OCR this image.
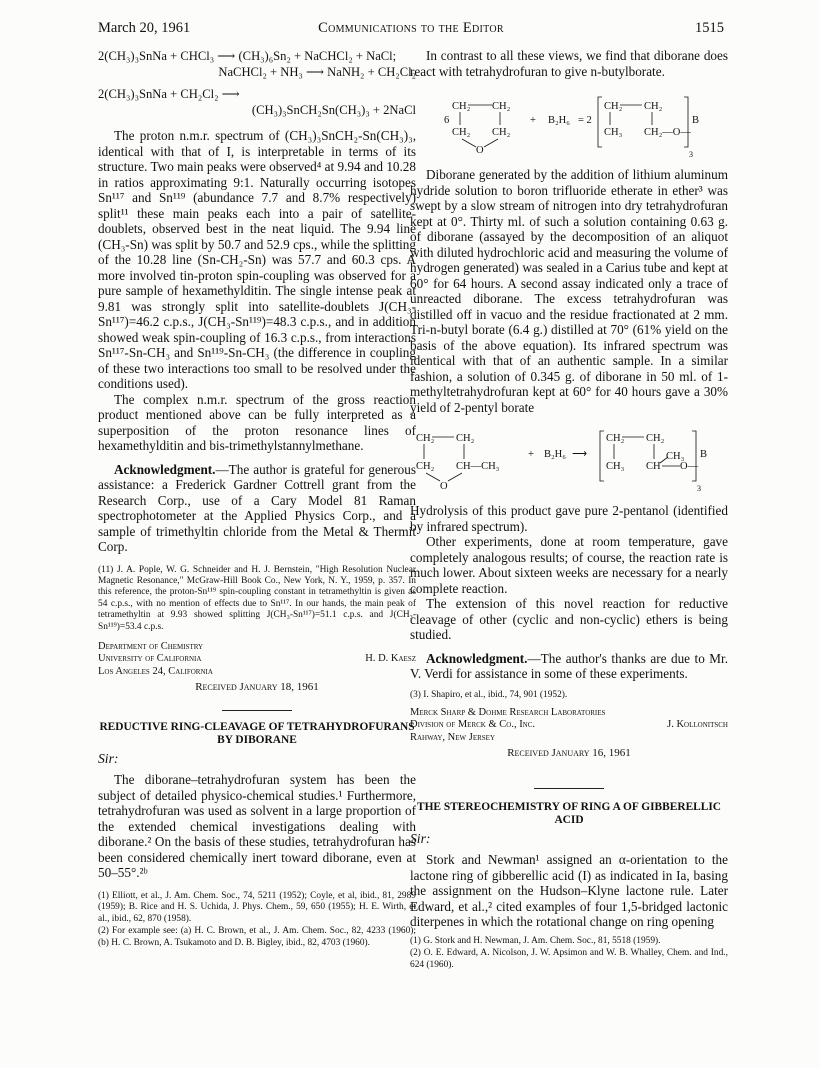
March 20, 1961	Communications to the Editor	1515
2(CH₃)₃SnNa + CHCl₃ ⟶ (CH₃)₆Sn₂ + NaCHCl₂ + NaCl;
NaCHCl₂ + NH₃ ⟶ NaNH₂ + CH₂Cl₂
2(CH₃)₃SnNa + CH₂Cl₂ ⟶
(CH₃)₃SnCH₂Sn(CH₃)₃ + 2NaCl

The proton n.m.r. spectrum of (CH₃)₃SnCH₂-Sn(CH₃)₃, identical with that of I, is interpretable in terms of its structure. Two main peaks were observed⁴ at 9.94 and 10.28 in ratios approximating 9:1. Naturally occurring isotopes Sn¹¹⁷ and Sn¹¹⁹ (abundance 7.7 and 8.7% respectively) split¹¹ these main peaks each into a pair of satellite-doublets, observed best in the neat liquid. The 9.94 line (CH₃-Sn) was split by 50.7 and 52.9 cps., while the splitting of the 10.28 line (Sn-CH₂-Sn) was 57.7 and 60.3 cps. A more involved tin-proton spin-coupling was observed for a pure sample of hexamethylditin. The single intense peak at 9.81 was strongly split into satellite-doublets J(CH₃-Sn¹¹⁷)=46.2 c.p.s., J(CH₃-Sn¹¹⁹)=48.3 c.p.s., and in addition showed weak spin-coupling of 16.3 c.p.s., from interactions Sn¹¹⁷-Sn-CH₃ and Sn¹¹⁹-Sn-CH₃ (the difference in coupling of these two interactions too small to be resolved under the conditions used).

The complex n.m.r. spectrum of the gross reaction product mentioned above can be fully interpreted as a superposition of the proton resonance lines of hexamethylditin and bis-trimethylstannylmethane.

Acknowledgment.—The author is grateful for generous assistance: a Frederick Gardner Cottrell grant from the Research Corp., use of a Cary Model 81 Raman spectrophotometer at the Applied Physics Corp., and a sample of trimethyltin chloride from the Metal & Thermit Corp.

(11) J. A. Pople, W. G. Schneider and H. J. Bernstein, "High Resolution Nuclear Magnetic Resonance," McGraw-Hill Book Co., New York, N. Y., 1959, p. 357. In this reference, the proton-Sn¹¹⁹ spin-coupling constant in tetramethyltin is given as 54 c.p.s., with no mention of effects due to Sn¹¹⁷. In our hands, the main peak of tetramethyltin at 9.93 showed splitting J(CH₃-Sn¹¹⁷)=51.1 c.p.s. and J(CH₃-Sn¹¹⁹)=53.4 c.p.s.

Department of Chemistry

University of California	H. D. Kaesz

Los Angeles 24, California

Received January 18, 1961

REDUCTIVE RING-CLEAVAGE OF TETRAHYDROFURANS BY DIBORANE

Sir:

The diborane–tetrahydrofuran system has been the subject of detailed physico-chemical studies.¹ Furthermore, tetrahydrofuran was used as solvent in a large proportion of the extended chemical investigations dealing with diborane.² On the basis of these studies, tetrahydrofuran has been considered chemically inert toward diborane, even at 50–55°.²ᵇ

(1) Elliott, et al., J. Am. Chem. Soc., 74, 5211 (1952); Coyle, et al, ibid., 81, 2989 (1959); B. Rice and H. S. Uchida, J. Phys. Chem., 59, 650 (1955); H. E. Wirth, et al., ibid., 62, 870 (1958).

(2) For example see: (a) H. C. Brown, et al., J. Am. Chem. Soc., 82, 4233 (1960); (b) H. C. Brown, A. Tsukamoto and D. B. Bigley, ibid., 82, 4703 (1960).

In contrast to all these views, we find that diborane does react with tetrahydrofuran to give n-butylborate.

6
CH₂ CH₂
CH₂ CH₂
O
+ B₂H₆ = 2
CH₂ CH₂
CH₃ CH₂—O—
B
3

Diborane generated by the addition of lithium aluminum hydride solution to boron trifluoride etherate in ether³ was swept by a slow stream of nitrogen into dry tetrahydrofuran kept at 0°. Thirty ml. of such a solution containing 0.63 g. of diborane (assayed by the decomposition of an aliquot with diluted hydrochloric acid and measuring the volume of hydrogen generated) was sealed in a Carius tube and kept at 60° for 64 hours. A second assay indicated only a trace of unreacted diborane. The excess tetrahydrofuran was distilled off in vacuo and the residue fractionated at 2 mm. Tri-n-butyl borate (6.4 g.) distilled at 70° (61% yield on the basis of the above equation). Its infrared spectrum was identical with that of an authentic sample. In a similar fashion, a solution of 0.345 g. of diborane in 50 ml. of 1-methyltetrahydrofuran kept at 60° for 40 hours gave a 30% yield of 2-pentyl borate

CH₂ CH₂
CH₂ CH—CH₃
O
+ B₂H₆ ⟶
CH₂ CH₂
CH₃
CH₃ CH O—
B
3

Hydrolysis of this product gave pure 2-pentanol (identified by infrared spectrum).

Other experiments, done at room temperature, gave completely analogous results; of course, the reaction rate is much lower. About sixteen weeks are necessary for a nearly complete reaction.

The extension of this novel reaction for reductive cleavage of other (cyclic and non-cyclic) ethers is being studied.

Acknowledgment.—The author's thanks are due to Mr. V. Verdi for assistance in some of these experiments.

(3) I. Shapiro, et al., ibid., 74, 901 (1952).

Merck Sharp & Dohme Research Laboratories

Division of Merck & Co., Inc.	J. Kollonitsch

Rahway, New Jersey

Received January 16, 1961

THE STEREOCHEMISTRY OF RING A OF GIBBERELLIC ACID

Sir:

Stork and Newman¹ assigned an α-orientation to the lactone ring of gibberellic acid (I) as indicated in Ia, basing the assignment on the Hudson–Klyne lactone rule. Later Edward, et al.,² cited examples of four 1,5-bridged lactonic diterpenes in which the rotational change on ring opening

(1) G. Stork and H. Newman, J. Am. Chem. Soc., 81, 5518 (1959).

(2) O. E. Edward, A. Nicolson, J. W. Apsimon and W. B. Whalley, Chem. and Ind., 624 (1960).
